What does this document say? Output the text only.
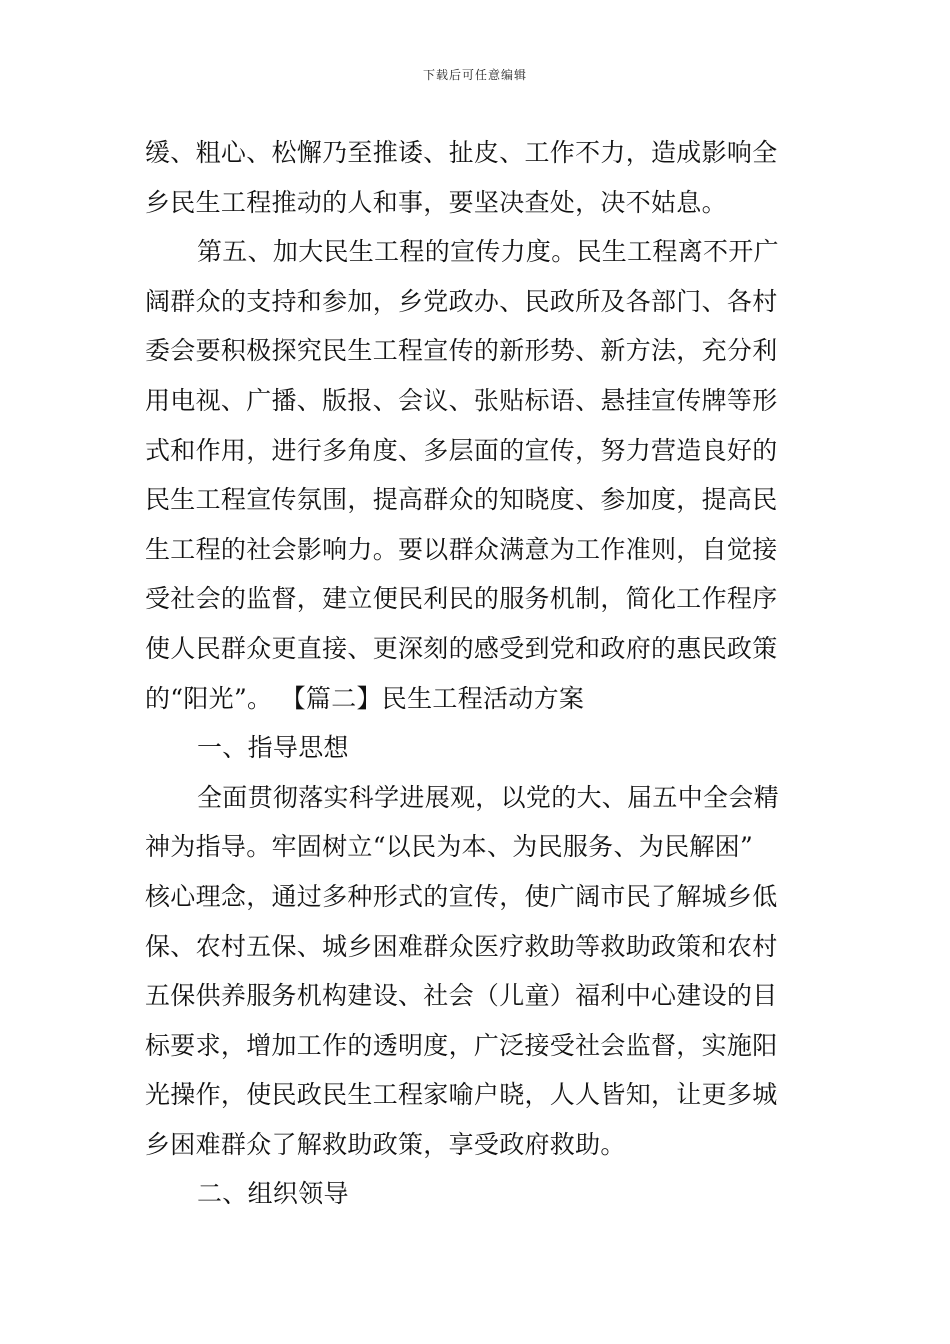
下载后可任意编辑
缓、粗心、松懈乃至推诿、扯皮、工作不力，造成影响全
乡民生工程推动的人和事，要坚决查处，决不姑息。
第五、加大民生工程的宣传力度。民生工程离不开广
阔群众的支持和参加，乡党政办、民政所及各部门、各村
委会要积极探究民生工程宣传的新形势、新方法，充分利
用电视、广播、版报、会议、张贴标语、悬挂宣传牌等形
式和作用，进行多角度、多层面的宣传，努力营造良好的
民生工程宣传氛围，提高群众的知晓度、参加度，提高民
生工程的社会影响力。要以群众满意为工作准则，自觉接
受社会的监督，建立便民利民的服务机制，简化工作程序
使人民群众更直接、更深刻的感受到党和政府的惠民政策
的“阳光”。 【篇二】民生工程活动方案
一、指导思想
全面贯彻落实科学进展观，以党的大、届五中全会精
神为指导。牢固树立“以民为本、为民服务、为民解困”
核心理念，通过多种形式的宣传，使广阔市民了解城乡低
保、农村五保、城乡困难群众医疗救助等救助政策和农村
五保供养服务机构建设、社会（儿童）福利中心建设的目
标要求，增加工作的透明度，广泛接受社会监督，实施阳
光操作，使民政民生工程家喻户晓，人人皆知，让更多城
乡困难群众了解救助政策，享受政府救助。
二、组织领导
